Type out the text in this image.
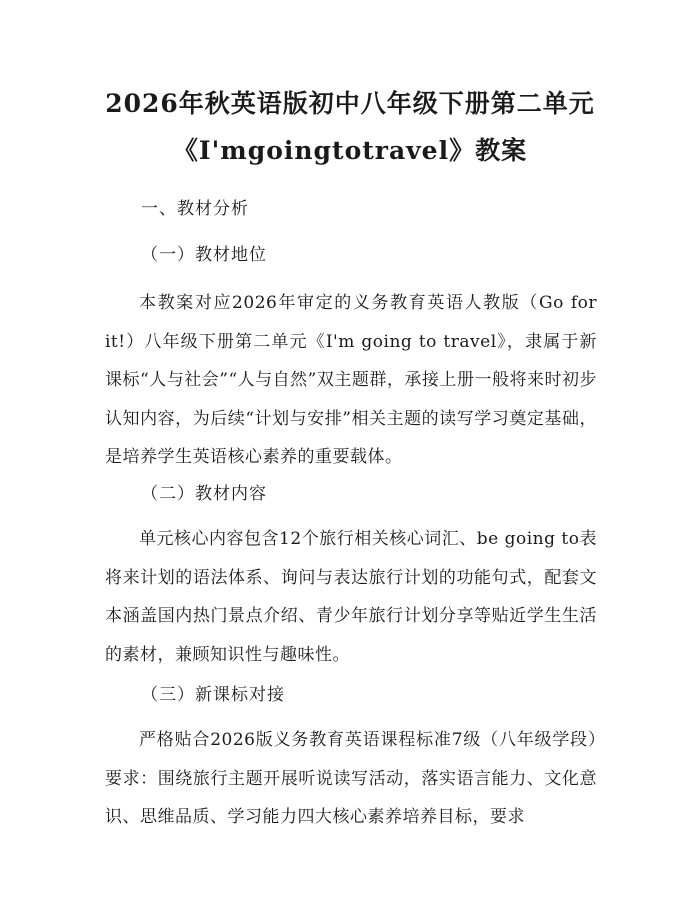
2026年秋英语版初中八年级下册第二单元
《I'mgoingtotravel》教案

一、教材分析

（一）教材地位

本教案对应2026年审定的义务教育英语人教版（Go for it!）八年级下册第二单元《I'm going to travel》，隶属于新课标“人与社会”“人与自然”双主题群，承接上册一般将来时初步认知内容，为后续“计划与安排”相关主题的读写学习奠定基础，是培养学生英语核心素养的重要载体。

（二）教材内容

单元核心内容包含12个旅行相关核心词汇、be going to表将来计划的语法体系、询问与表达旅行计划的功能句式，配套文本涵盖国内热门景点介绍、青少年旅行计划分享等贴近学生生活的素材，兼顾知识性与趣味性。

（三）新课标对接

严格贴合2026版义务教育英语课程标准7级（八年级学段）要求：围绕旅行主题开展听说读写活动，落实语言能力、文化意识、思维品质、学习能力四大核心素养培养目标，要求
